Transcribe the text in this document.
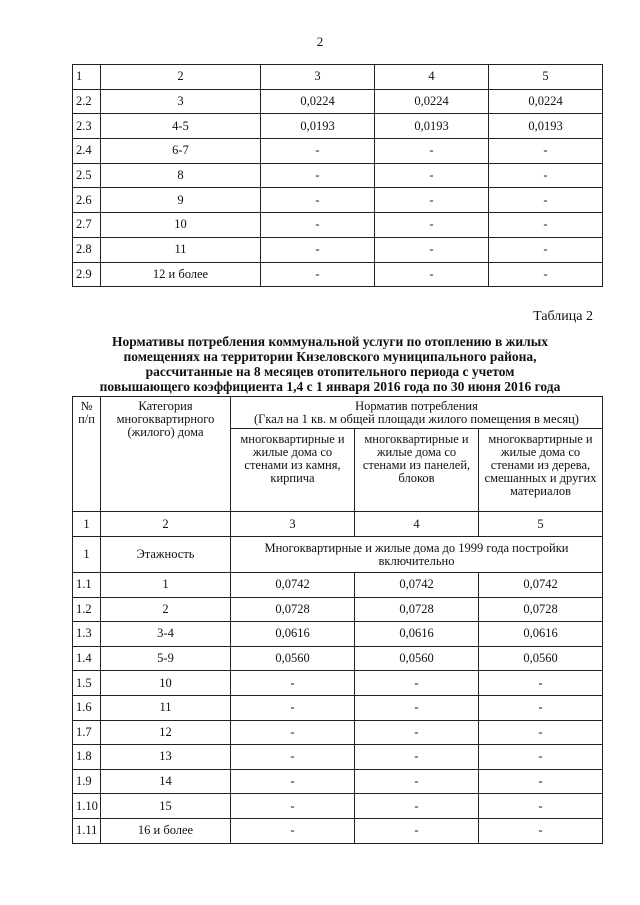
2
1	2	3	4	5
2.2	3	0,0224	0,0224	0,0224
2.3	4-5	0,0193	0,0193	0,0193
2.4	6-7	-	-	-
2.5	8	-	-	-
2.6	9	-	-	-
2.7	10	-	-	-
2.8	11	-	-	-
2.9	12 и более	-	-	-
Таблица 2
Нормативы потребления коммунальной услуги по отоплению в жилых
помещениях на территории Кизеловского муниципального района,
рассчитанные на 8 месяцев отопительного периода с учетом
повышающего коэффициента 1,4 с 1 января 2016 года по 30 июня 2016 года
№ п/п	Категория многоквартирного (жилого) дома	Норматив потребления
(Гкал на 1 кв. м общей площади жилого помещения в месяц)		

		многоквартирные и жилые дома со стенами из камня, кирпича	многоквартирные и жилые дома со стенами из панелей, блоков	многоквартирные и жилые дома со стенами из дерева, смешанных и других материалов
1	2	3	4	5
1	Этажность	Многоквартирные и жилые дома до 1999 года постройки включительно		
1.1	1	0,0742	0,0742	0,0742
1.2	2	0,0728	0,0728	0,0728
1.3	3-4	0,0616	0,0616	0,0616
1.4	5-9	0,0560	0,0560	0,0560
1.5	10	-	-	-
1.6	11	-	-	-
1.7	12	-	-	-
1.8	13	-	-	-
1.9	14	-	-	-
1.10	15	-	-	-
1.11	16 и более	-	-	-
